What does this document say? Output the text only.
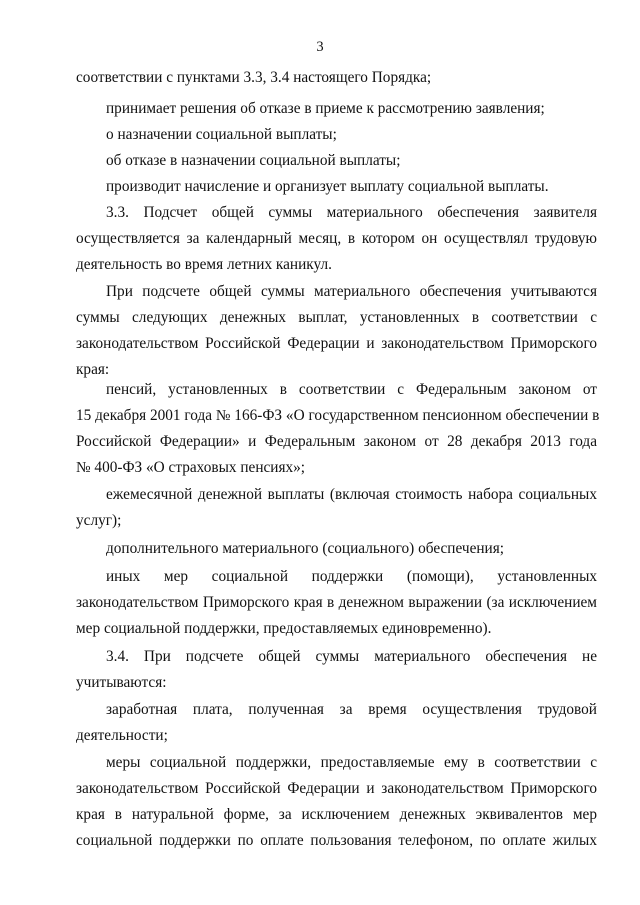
3
соответствии с пунктами 3.3, 3.4 настоящего Порядка;
принимает решения об отказе в приеме к рассмотрению заявления;
о назначении социальной выплаты;
об отказе в назначении социальной выплаты;
производит начисление и организует выплату социальной выплаты.
3.3. Подсчет общей суммы материального обеспечения заявителя
осуществляется за календарный месяц, в котором он осуществлял трудовую
деятельность во время летних каникул.
При подсчете общей суммы материального обеспечения учитываются
суммы следующих денежных выплат, установленных в соответствии с
законодательством Российской Федерации и законодательством Приморского
края:
пенсий, установленных в соответствии с Федеральным законом от
15 декабря 2001 года № 166-ФЗ «О государственном пенсионном обеспечении в
Российской Федерации» и Федеральным законом от 28 декабря 2013 года
№ 400-ФЗ «О страховых пенсиях»;
ежемесячной денежной выплаты (включая стоимость набора социальных
услуг);
дополнительного материального (социального) обеспечения;
иных мер социальной поддержки (помощи), установленных
законодательством Приморского края в денежном выражении (за исключением
мер социальной поддержки, предоставляемых единовременно).
3.4. При подсчете общей суммы материального обеспечения не
учитываются:
заработная плата, полученная за время осуществления трудовой
деятельности;
меры социальной поддержки, предоставляемые ему в соответствии с
законодательством Российской Федерации и законодательством Приморского
края в натуральной форме, за исключением денежных эквивалентов мер
социальной поддержки по оплате пользования телефоном, по оплате жилых
